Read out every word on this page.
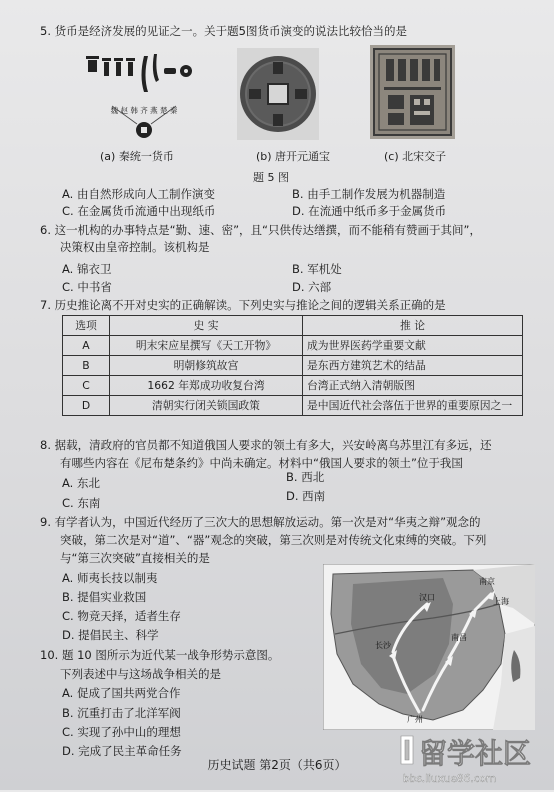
5. 货币是经济发展的见证之一。关于题5图货币演变的说法比较恰当的是
魏 赵 韩 齐 燕 楚 秦
(a) 秦统一货币	(b) 唐开元通宝	(c) 北宋交子
题 5 图
A. 由自然形成向人工制作演变	B. 由手工制作发展为机器制造
C. 在金属货币流通中出现纸币	D. 在流通中纸币多于金属货币
6. 这一机构的办事特点是“勤、速、密”，且“只供传达缮撰，而不能稍有赞画于其间”，
决策权由皇帝控制。该机构是
A. 锦衣卫	B. 军机处
C. 中书省	D. 六部
7. 历史推论离不开对史实的正确解读。下列史实与推论之间的逻辑关系正确的是
选项	史 实	推 论
A	明末宋应星撰写《天工开物》	成为世界医药学重要文献
B	明朝修筑故宫	是东西方建筑艺术的结晶
C	1662 年郑成功收复台湾	台湾正式纳入清朝版图
D	清朝实行闭关锁国政策	是中国近代社会落伍于世界的重要原因之一
8. 据载，清政府的官员都不知道俄国人要求的领土有多大，兴安岭离乌苏里江有多远，还
有哪些内容在《尼布楚条约》中尚未确定。材料中“俄国人要求的领土”位于我国
A. 东北	B. 西北
C. 东南	D. 西南
9. 有学者认为，中国近代经历了三次大的思想解放运动。第一次是对“华夷之辩”观念的
突破，第二次是对“道”、“器”观念的突破，第三次则是对传统文化束缚的突破。下列
与“第三次突破”直接相关的是
A. 师夷长技以制夷
B. 提倡实业救国
C. 物竞天择，适者生存
D. 提倡民主、科学
10. 题 10 图所示为近代某一战争形势示意图。
下列表述中与这场战争相关的是
A. 促成了国共两党合作
B. 沉重打击了北洋军阀
C. 实现了孙中山的理想
D. 完成了民主革命任务
南京
上海
汉口
长沙
南昌
广州
历史试题 第2页（共6页）	留学社区
bbs.liuxue86.com
